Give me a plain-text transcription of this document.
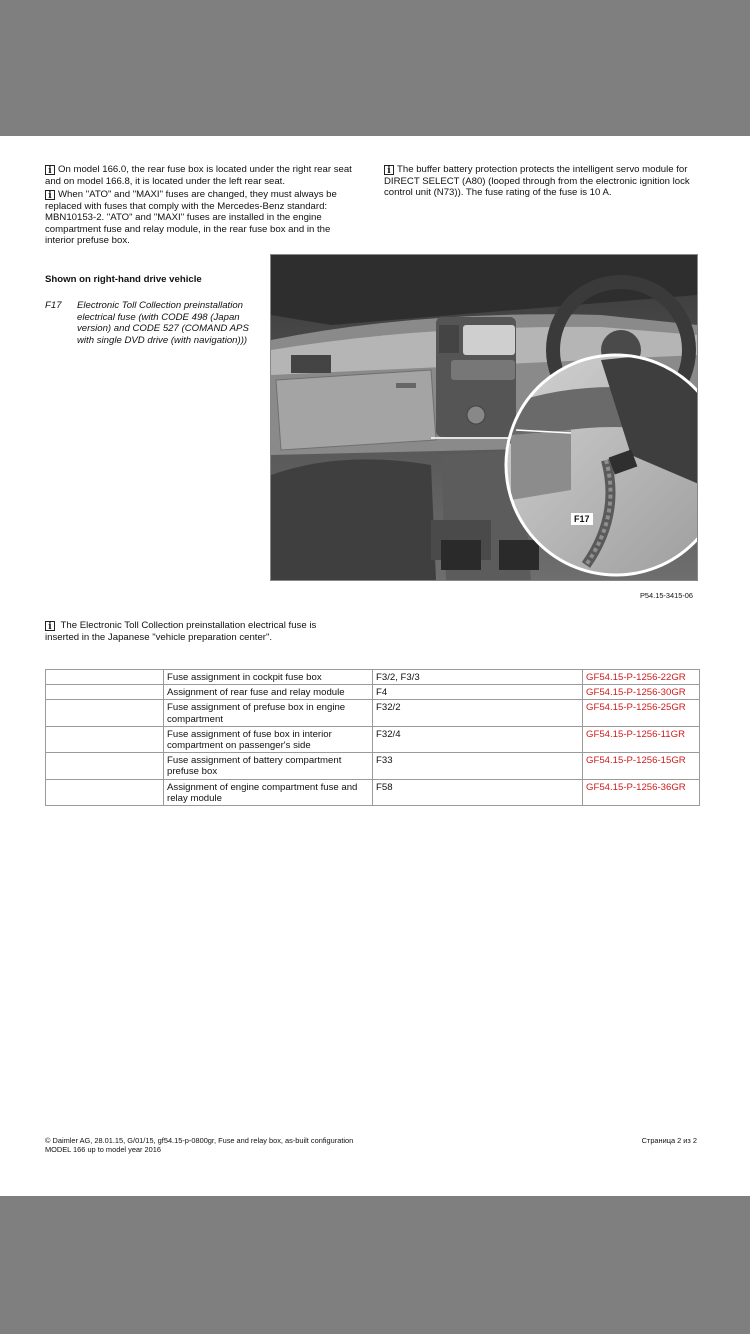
i On model 166.0, the rear fuse box is located under the right rear seat and on model 166.8, it is located under the left rear seat.
i When "ATO" and "MAXI" fuses are changed, they must always be replaced with fuses that comply with the Mercedes-Benz standard: MBN10153-2. "ATO" and "MAXI" fuses are installed in the engine compartment fuse and relay module, in the rear fuse box and in the interior prefuse box.
i The buffer battery protection protects the intelligent servo module for DIRECT SELECT (A80) (looped through from the electronic ignition lock control unit (N73)). The fuse rating of the fuse is 10 A.
Shown on right-hand drive vehicle
F17 Electronic Toll Collection preinstallation electrical fuse (with CODE 498 (Japan version) and CODE 527 (COMAND APS with single DVD drive (with navigation)))
F17
P54.15-3415-06
i The Electronic Toll Collection preinstallation electrical fuse is inserted in the Japanese "vehicle preparation center".
	Fuse assignment in cockpit fuse box	F3/2, F3/3	GF54.15-P-1256-22GR
	Assignment of rear fuse and relay module	F4	GF54.15-P-1256-30GR
	Fuse assignment of prefuse box in engine compartment	F32/2	GF54.15-P-1256-25GR
	Fuse assignment of fuse box in interior compartment on passenger's side	F32/4	GF54.15-P-1256-11GR
	Fuse assignment of battery compartment prefuse box	F33	GF54.15-P-1256-15GR
	Assignment of engine compartment fuse and relay module	F58	GF54.15-P-1256-36GR
© Daimler AG, 28.01.15, G/01/15, gf54.15-p-0800gr, Fuse and relay box, as-built configuration
MODEL 166 up to model year 2016
Страница 2 из 2
